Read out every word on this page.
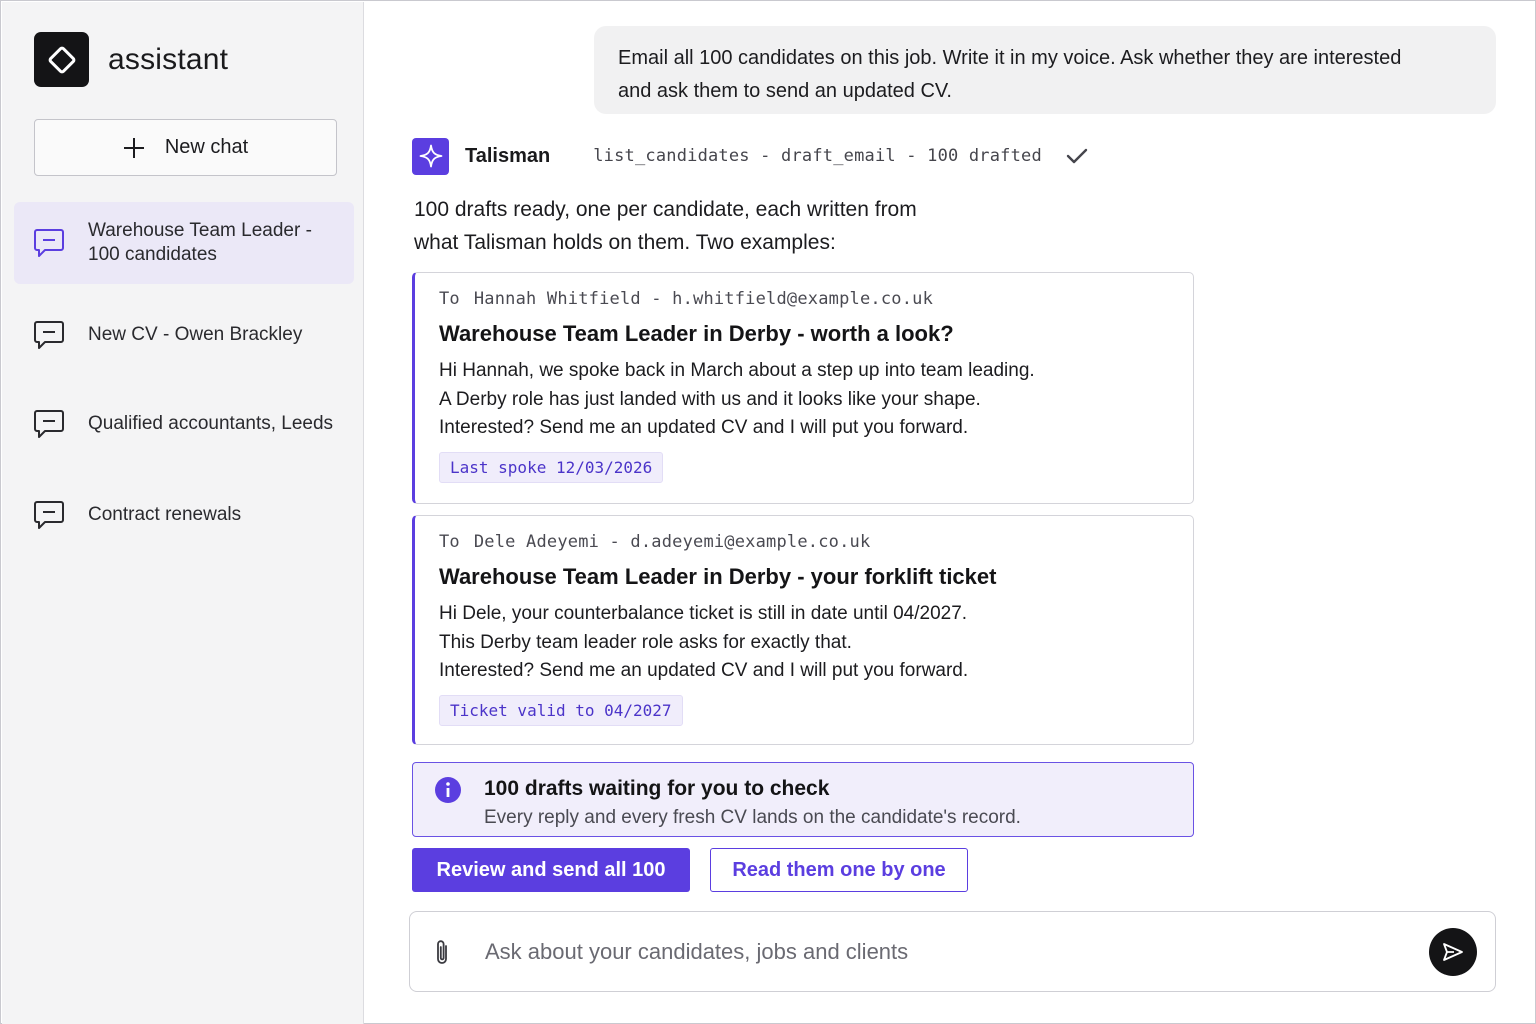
assistant
New chat
Warehouse Team Leader -
100 candidates
New CV - Owen Brackley
Qualified accountants, Leeds
Contract renewals
Email all 100 candidates on this job. Write it in my voice. Ask whether they are interested
and ask them to send an updated CV.
Talisman	list_candidates - draft_email - 100 drafted
100 drafts ready, one per candidate, each written from
what Talisman holds on them. Two examples:
To Hannah Whitfield - h.whitfield@example.co.uk
Warehouse Team Leader in Derby - worth a look?
Hi Hannah, we spoke back in March about a step up into team leading.
A Derby role has just landed with us and it looks like your shape.
Interested? Send me an updated CV and I will put you forward.
Last spoke 12/03/2026
To Dele Adeyemi - d.adeyemi@example.co.uk
Warehouse Team Leader in Derby - your forklift ticket
Hi Dele, your counterbalance ticket is still in date until 04/2027.
This Derby team leader role asks for exactly that.
Interested? Send me an updated CV and I will put you forward.
Ticket valid to 04/2027
100 drafts waiting for you to check
Every reply and every fresh CV lands on the candidate's record.
Review and send all 100	Read them one by one
Ask about your candidates, jobs and clients
